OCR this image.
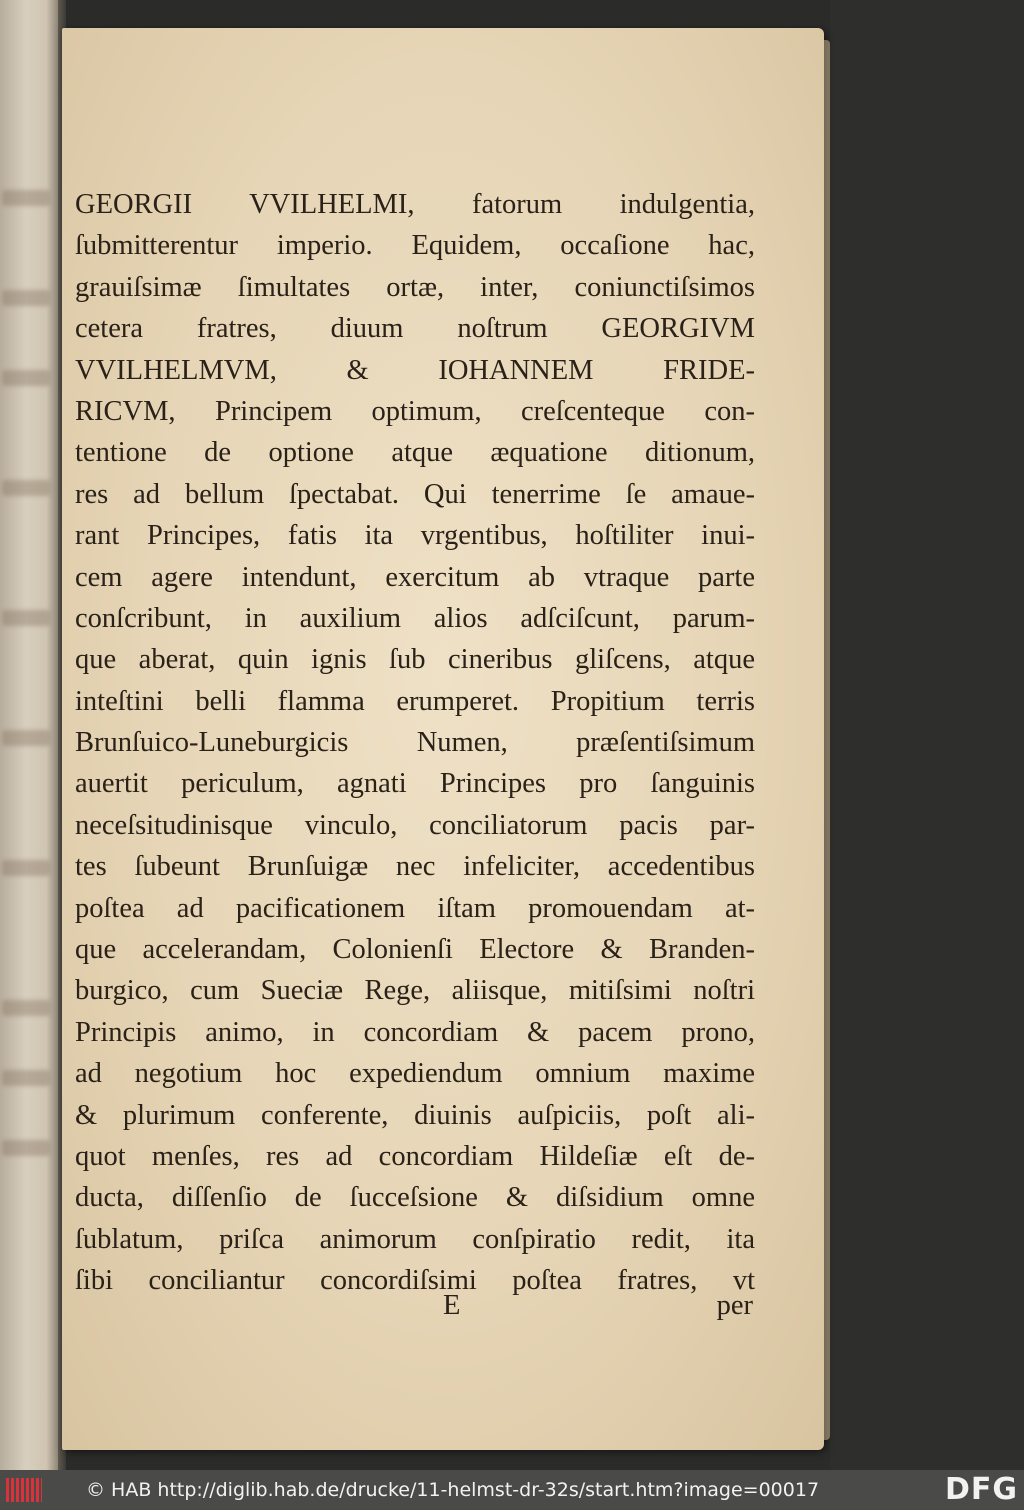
GEORGII VVILHELMI, fatorum indulgentia,
ſubmitterentur imperio. Equidem, occaſione hac,
grauiſsimæ ſimultates ortæ, inter, coniunctiſsimos
cetera fratres, diuum noſtrum GEORGIVM
VVILHELMVM, & IOHANNEM FRIDE-
RICVM, Principem optimum, creſcenteque con-
tentione de optione atque æquatione ditionum,
res ad bellum ſpectabat. Qui tenerrime ſe amaue-
rant Principes, fatis ita vrgentibus, hoſtiliter inui-
cem agere intendunt, exercitum ab vtraque parte
conſcribunt, in auxilium alios adſciſcunt, parum-
que aberat, quin ignis ſub cineribus gliſcens, atque
inteſtini belli flamma erumperet. Propitium terris
Brunſuico-Luneburgicis Numen, præſentiſsimum
auertit periculum, agnati Principes pro ſanguinis
neceſsitudinisque vinculo, conciliatorum pacis par-
tes ſubeunt Brunſuigæ nec infeliciter, accedentibus
poſtea ad pacificationem iſtam promouendam at-
que accelerandam, Colonienſi Electore & Branden-
burgico, cum Sueciæ Rege, aliisque, mitiſsimi noſtri
Principis animo, in concordiam & pacem prono,
ad negotium hoc expediendum omnium maxime
& plurimum conferente, diuinis auſpiciis, poſt ali-
quot menſes, res ad concordiam Hildeſiæ eſt de-
ducta, diſſenſio de ſucceſsione & diſsidium omne
ſublatum, priſca animorum conſpiratio redit, ita
ſibi conciliantur concordiſsimi poſtea fratres, vt
E	per
© HAB http://diglib.hab.de/drucke/11-helmst-dr-32s/start.htm?image=00017	DFG
